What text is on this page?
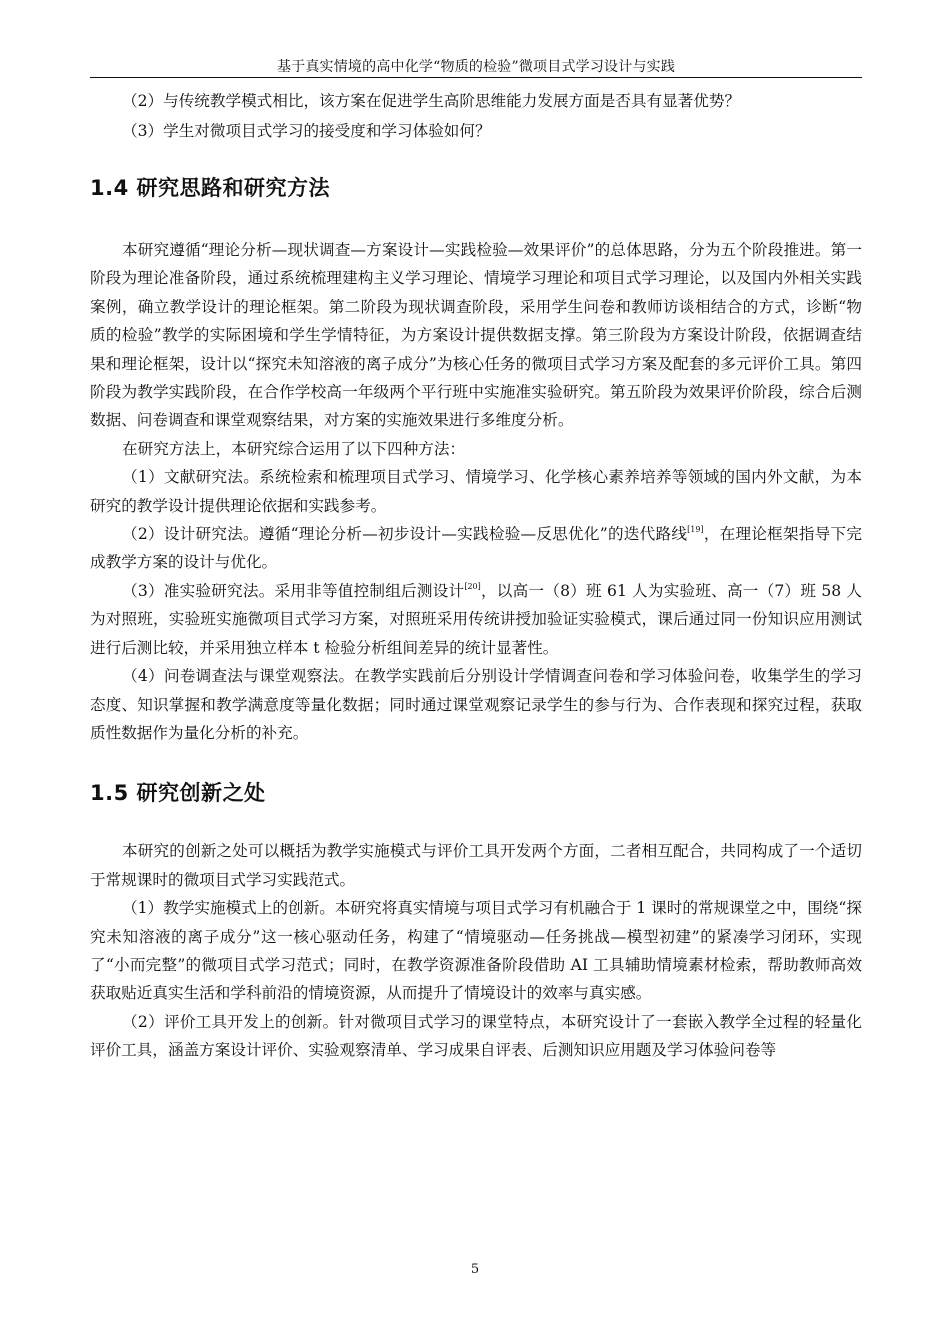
基于真实情境的高中化学“物质的检验”微项目式学习设计与实践

（2）与传统教学模式相比，该方案在促进学生高阶思维能力发展方面是否具有显著优势？

（3）学生对微项目式学习的接受度和学习体验如何？

1.4 研究思路和研究方法

本研究遵循“理论分析—现状调查—方案设计—实践检验—效果评价”的总体思路，分为五个阶段推进。第一阶段为理论准备阶段，通过系统梳理建构主义学习理论、情境学习理论和项目式学习理论，以及国内外相关实践案例，确立教学设计的理论框架。第二阶段为现状调查阶段，采用学生问卷和教师访谈相结合的方式，诊断“物质的检验”教学的实际困境和学生学情特征，为方案设计提供数据支撑。第三阶段为方案设计阶段，依据调查结果和理论框架，设计以“探究未知溶液的离子成分”为核心任务的微项目式学习方案及配套的多元评价工具。第四阶段为教学实践阶段，在合作学校高一年级两个平行班中实施准实验研究。第五阶段为效果评价阶段，综合后测数据、问卷调查和课堂观察结果，对方案的实施效果进行多维度分析。

在研究方法上，本研究综合运用了以下四种方法：

（1）文献研究法。系统检索和梳理项目式学习、情境学习、化学核心素养培养等领域的国内外文献，为本研究的教学设计提供理论依据和实践参考。

（2）设计研究法。遵循“理论分析—初步设计—实践检验—反思优化”的迭代路线[19]，在理论框架指导下完成教学方案的设计与优化。

（3）准实验研究法。采用非等值控制组后测设计[20]，以高一（8）班 61 人为实验班、高一（7）班 58 人为对照班，实验班实施微项目式学习方案，对照班采用传统讲授加验证实验模式，课后通过同一份知识应用测试进行后测比较，并采用独立样本 t 检验分析组间差异的统计显著性。

（4）问卷调查法与课堂观察法。在教学实践前后分别设计学情调查问卷和学习体验问卷，收集学生的学习态度、知识掌握和教学满意度等量化数据；同时通过课堂观察记录学生的参与行为、合作表现和探究过程，获取质性数据作为量化分析的补充。

1.5 研究创新之处

本研究的创新之处可以概括为教学实施模式与评价工具开发两个方面，二者相互配合，共同构成了一个适切于常规课时的微项目式学习实践范式。

（1）教学实施模式上的创新。本研究将真实情境与项目式学习有机融合于 1 课时的常规课堂之中，围绕“探究未知溶液的离子成分”这一核心驱动任务，构建了“情境驱动—任务挑战—模型初建”的紧凑学习闭环，实现了“小而完整”的微项目式学习范式；同时，在教学资源准备阶段借助 AI 工具辅助情境素材检索，帮助教师高效获取贴近真实生活和学科前沿的情境资源，从而提升了情境设计的效率与真实感。

（2）评价工具开发上的创新。针对微项目式学习的课堂特点，本研究设计了一套嵌入教学全过程的轻量化评价工具，涵盖方案设计评价、实验观察清单、学习成果自评表、后测知识应用题及学习体验问卷等

5
